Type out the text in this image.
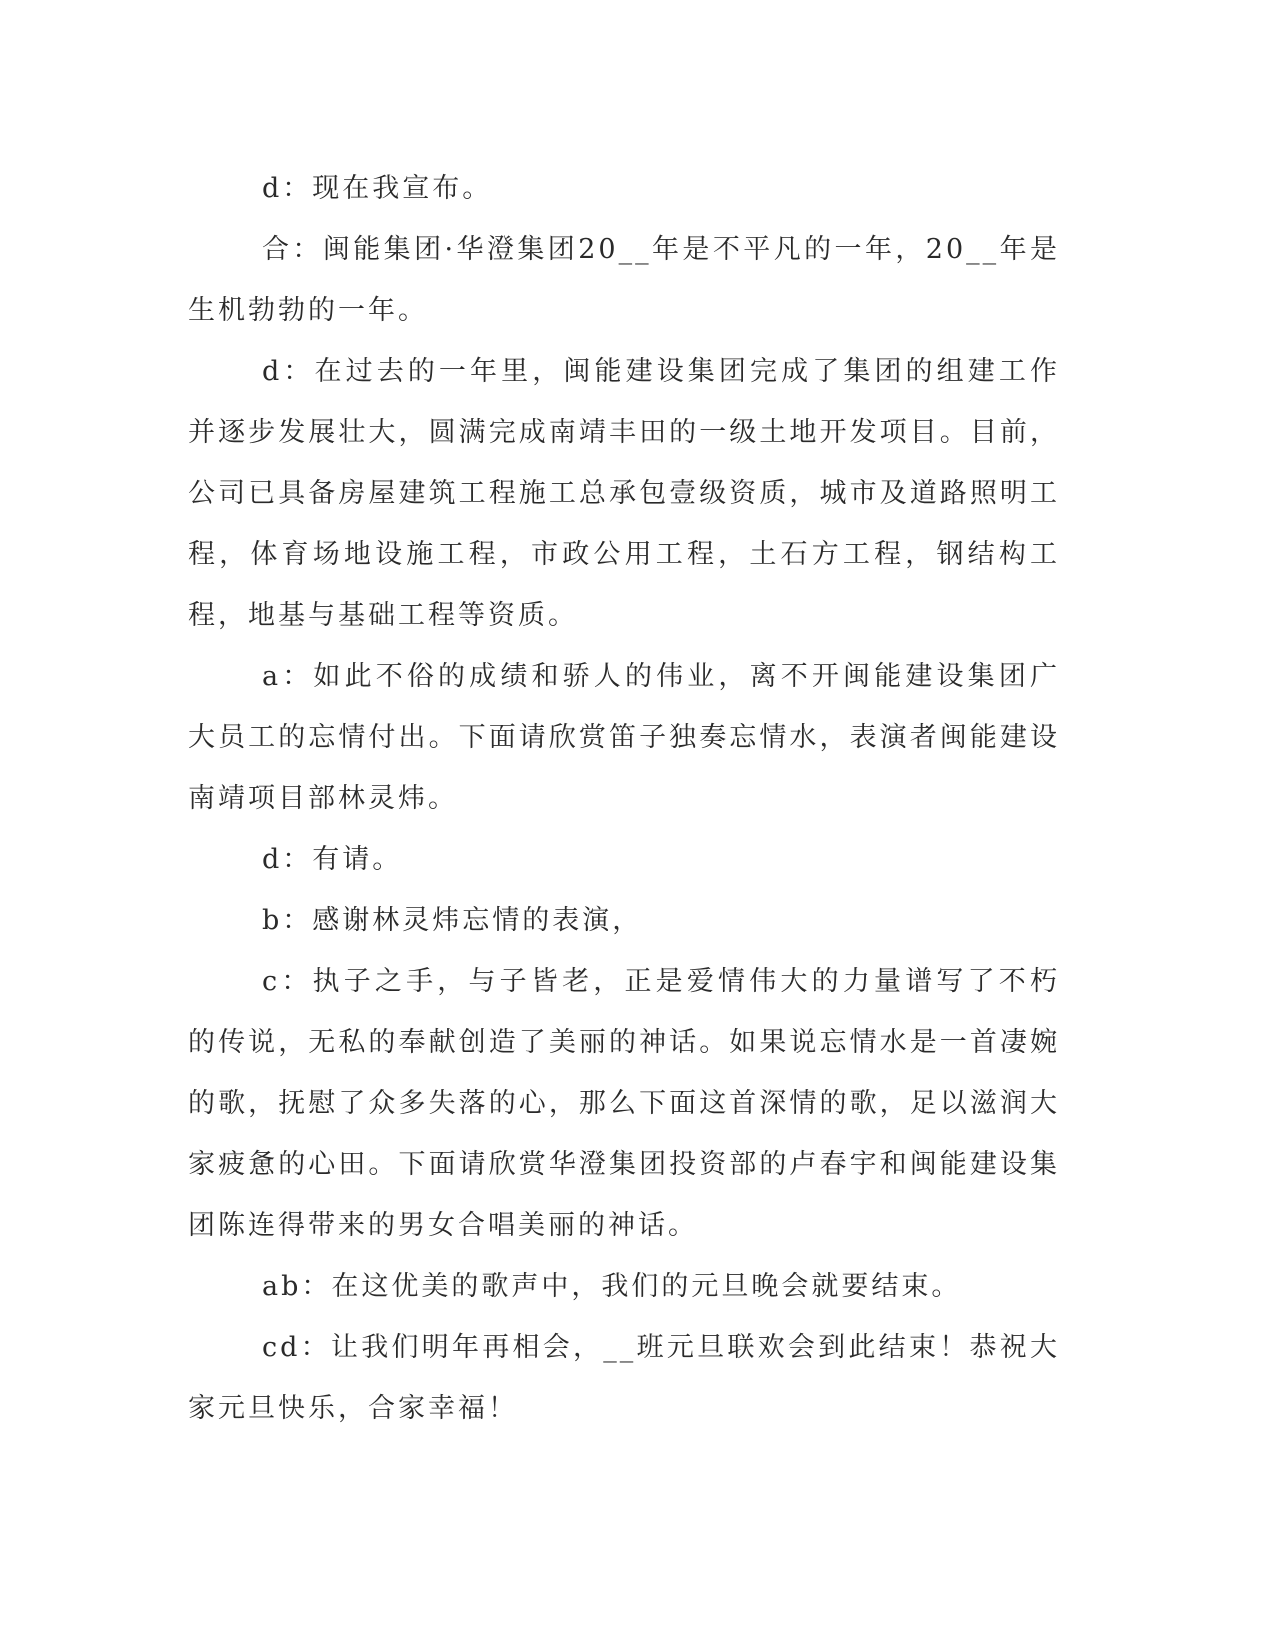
d：现在我宣布。

合：闽能集团·华澄集团20__年是不平凡的一年，20__年是生机勃勃的一年。

d：在过去的一年里，闽能建设集团完成了集团的组建工作并逐步发展壮大，圆满完成南靖丰田的一级土地开发项目。目前，公司已具备房屋建筑工程施工总承包壹级资质，城市及道路照明工程，体育场地设施工程，市政公用工程，土石方工程，钢结构工程，地基与基础工程等资质。

a：如此不俗的成绩和骄人的伟业，离不开闽能建设集团广大员工的忘情付出。下面请欣赏笛子独奏忘情水，表演者闽能建设南靖项目部林灵炜。

d：有请。

b：感谢林灵炜忘情的表演，

c：执子之手，与子皆老，正是爱情伟大的力量谱写了不朽的传说，无私的奉献创造了美丽的神话。如果说忘情水是一首凄婉的歌，抚慰了众多失落的心，那么下面这首深情的歌，足以滋润大家疲惫的心田。下面请欣赏华澄集团投资部的卢春宇和闽能建设集团陈连得带来的男女合唱美丽的神话。

ab：在这优美的歌声中，我们的元旦晚会就要结束。

cd：让我们明年再相会，__班元旦联欢会到此结束！恭祝大家元旦快乐，合家幸福！
